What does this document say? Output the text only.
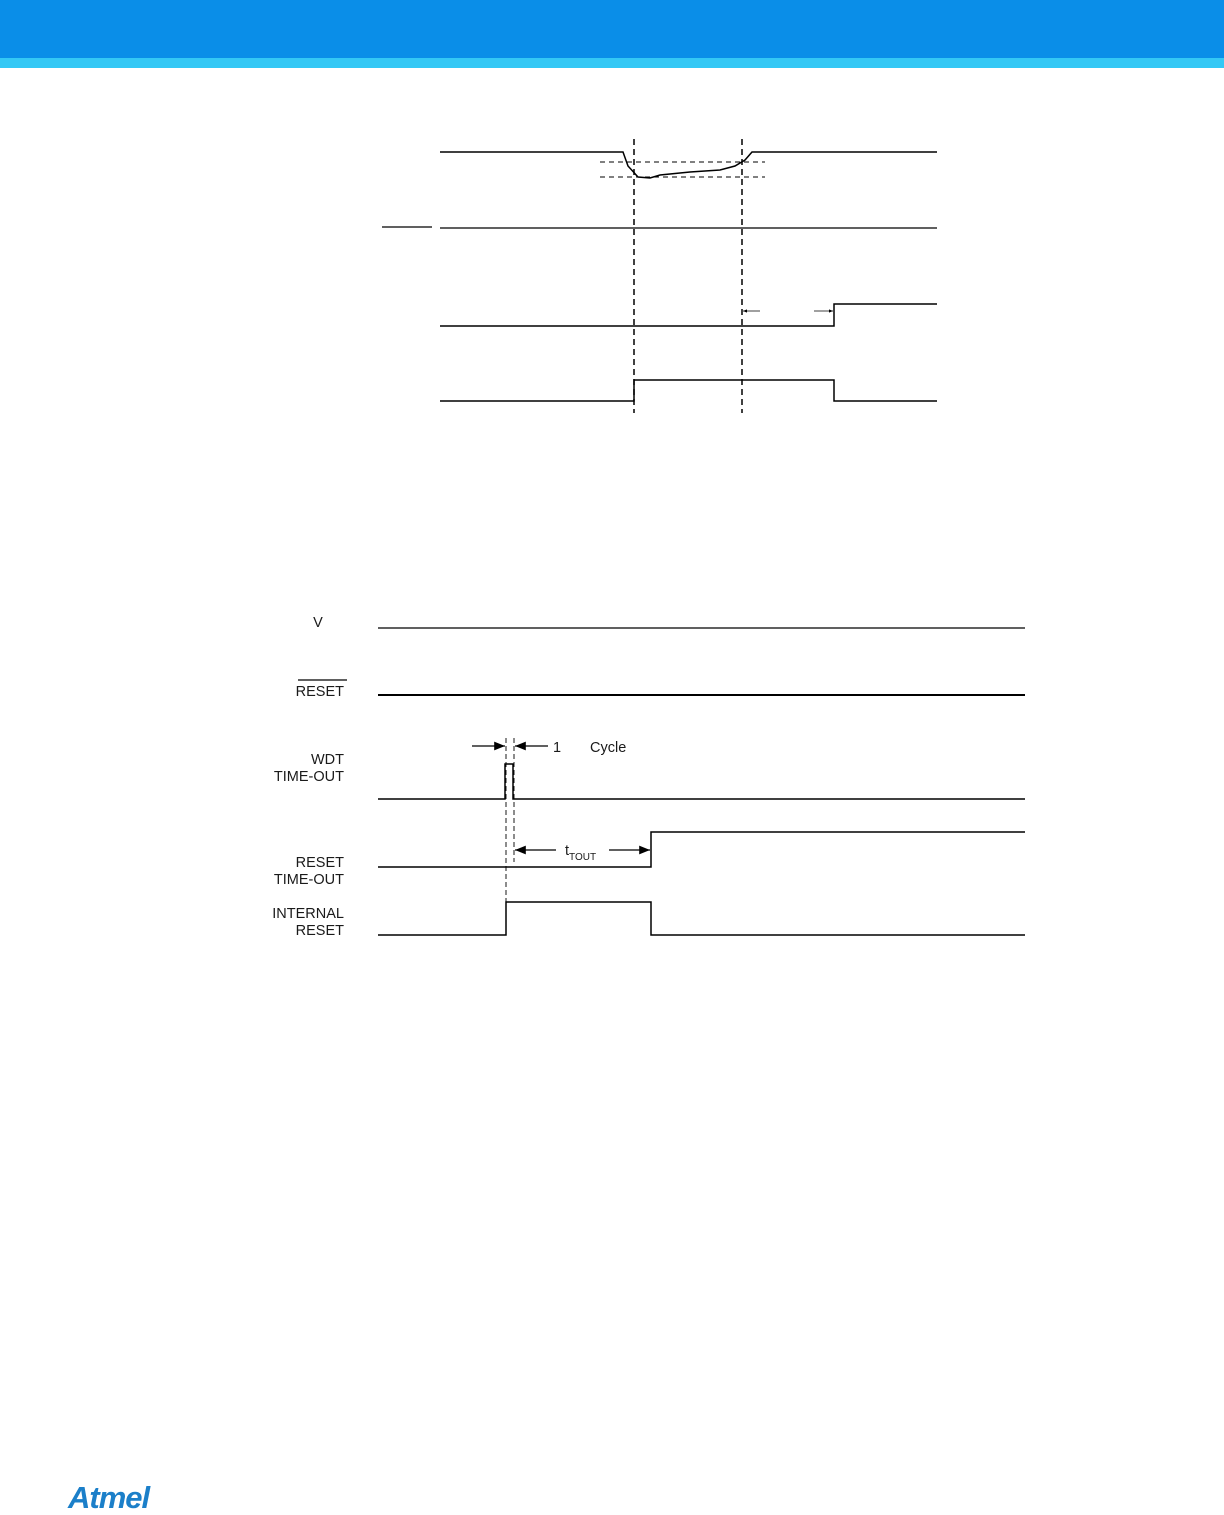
V
RESET
WDT
TIME-OUT
RESET
TIME-OUT
INTERNAL
RESET
1 Cycle
$t_{TOUT}$
Atmel
